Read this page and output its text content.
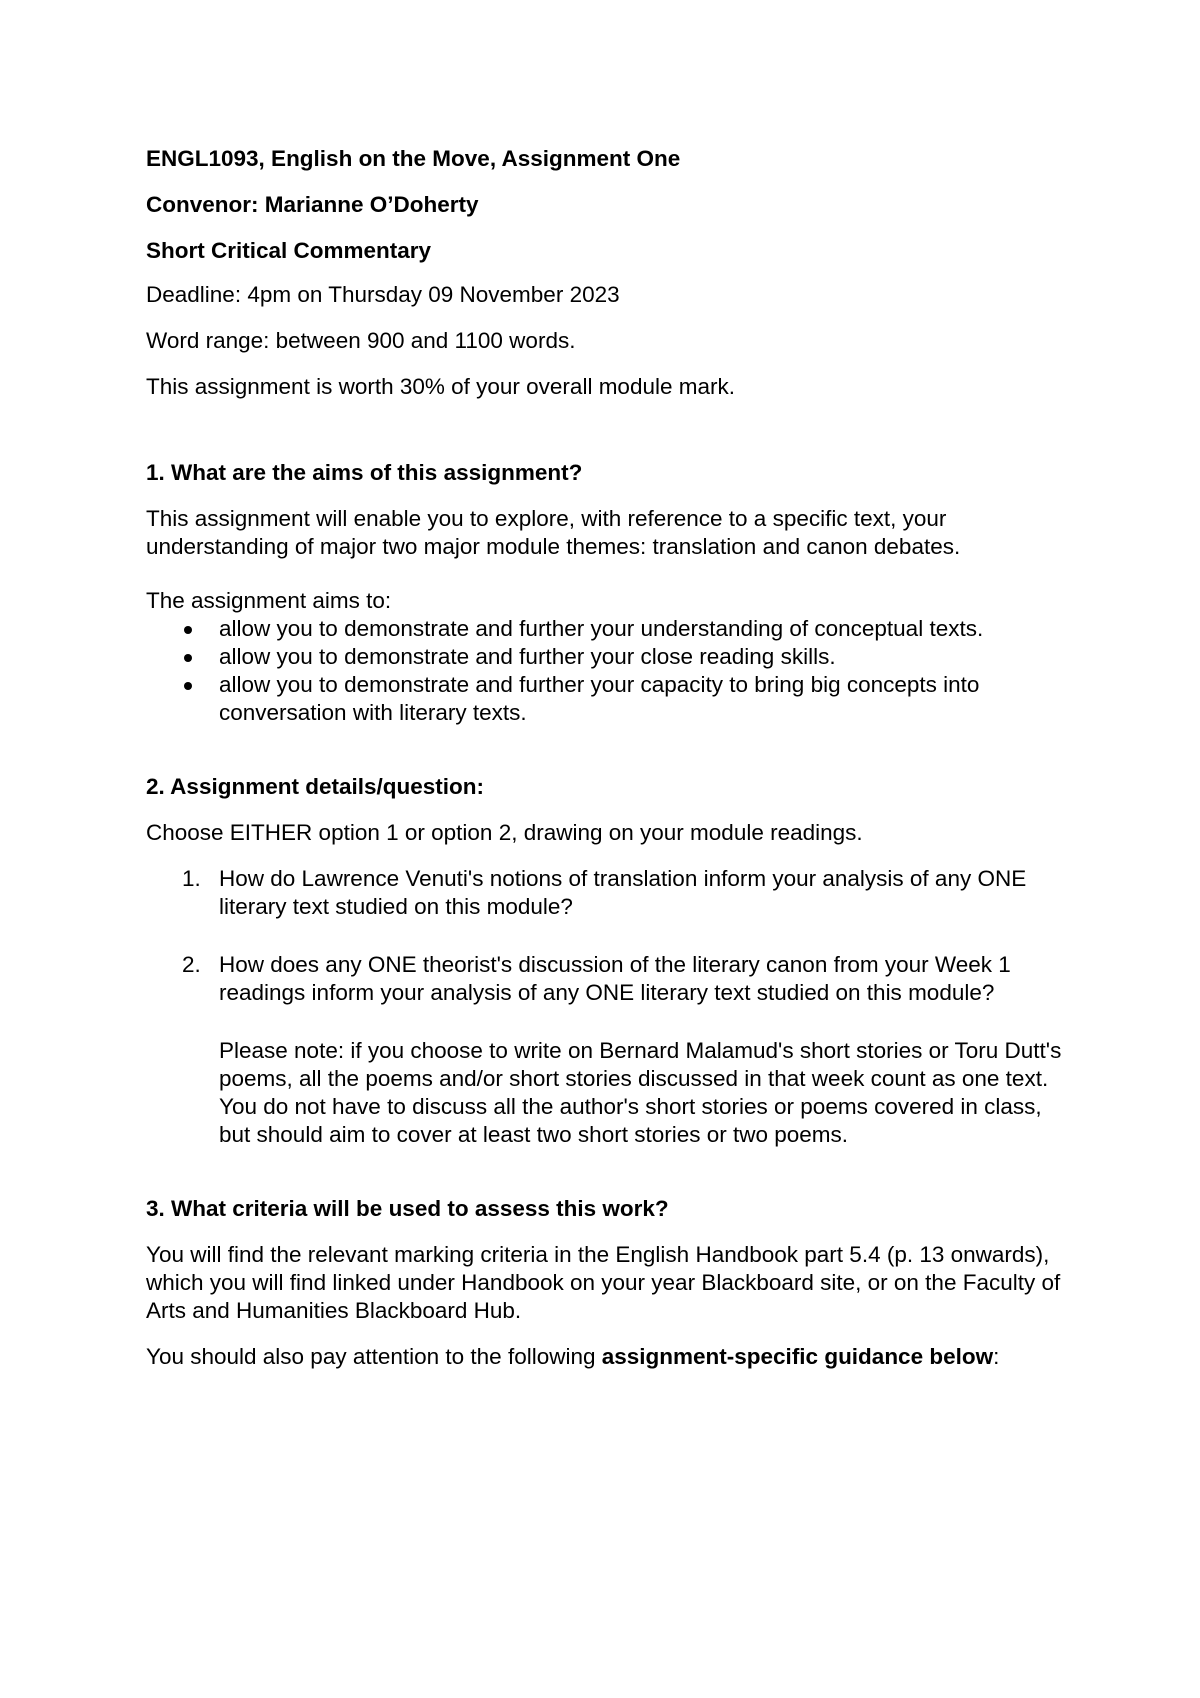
ENGL1093, English on the Move, Assignment One

Convenor: Marianne O’Doherty

Short Critical Commentary

Deadline: 4pm on Thursday 09 November 2023

Word range: between 900 and 1100 words.

This assignment is worth 30% of your overall module mark.

1. What are the aims of this assignment?

This assignment will enable you to explore, with reference to a specific text, your understanding of major two major module themes: translation and canon debates.

The assignment aims to:

allow you to demonstrate and further your understanding of conceptual texts.
allow you to demonstrate and further your close reading skills.
allow you to demonstrate and further your capacity to bring big concepts into conversation with literary texts.

2. Assignment details/question:

Choose EITHER option 1 or option 2, drawing on your module readings.

1. How do Lawrence Venuti's notions of translation inform your analysis of any ONE literary text studied on this module?

2. How does any ONE theorist's discussion of the literary canon from your Week 1 readings inform your analysis of any ONE literary text studied on this module?

Please note: if you choose to write on Bernard Malamud's short stories or Toru Dutt's poems, all the poems and/or short stories discussed in that week count as one text. You do not have to discuss all the author's short stories or poems covered in class, but should aim to cover at least two short stories or two poems.

3. What criteria will be used to assess this work?

You will find the relevant marking criteria in the English Handbook part 5.4 (p. 13 onwards), which you will find linked under Handbook on your year Blackboard site, or on the Faculty of Arts and Humanities Blackboard Hub.

You should also pay attention to the following assignment-specific guidance below:
